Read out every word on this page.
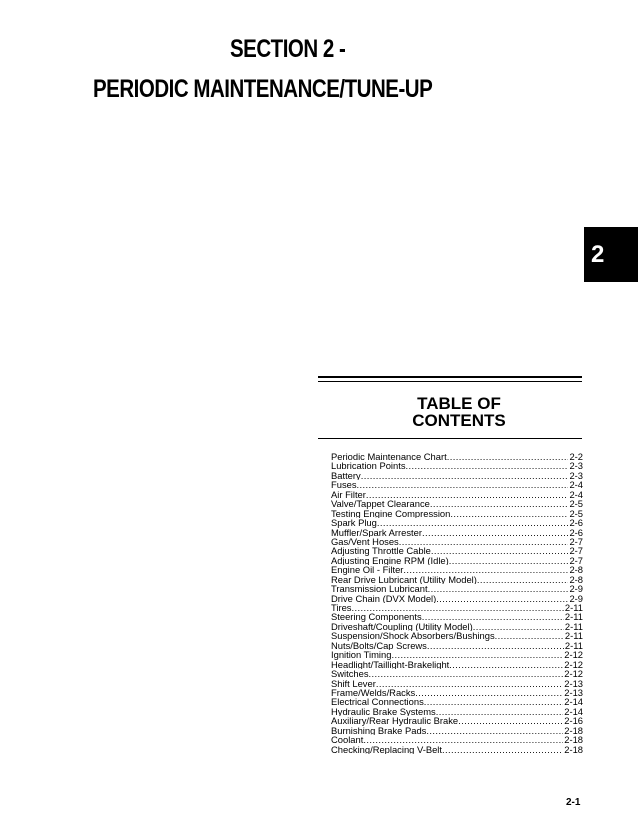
SECTION 2 -
PERIODIC MAINTENANCE/TUNE-UP
2
TABLE OF
CONTENTS
Periodic Maintenance Chart .....	2-2
Lubrication Points .....	2-3
Battery .....	2-3
Fuses .....	2-4
Air Filter .....	2-4
Valve/Tappet Clearance .....	2-5
Testing Engine Compression .....	2-5
Spark Plug .....	2-6
Muffler/Spark Arrester .....	2-6
Gas/Vent Hoses .....	2-7
Adjusting Throttle Cable .....	2-7
Adjusting Engine RPM (Idle) .....	2-7
Engine Oil - Filter .....	2-8
Rear Drive Lubricant (Utility Model) .....	2-8
Transmission Lubricant .....	2-9
Drive Chain (DVX Model) .....	2-9
Tires .....	2-11
Steering Components .....	2-11
Driveshaft/Coupling (Utility Model) .....	2-11
Suspension/Shock Absorbers/Bushings .....	2-11
Nuts/Bolts/Cap Screws .....	2-11
Ignition Timing .....	2-12
Headlight/Taillight-Brakelight .....	2-12
Switches .....	2-12
Shift Lever .....	2-13
Frame/Welds/Racks .....	2-13
Electrical Connections .....	2-14
Hydraulic Brake Systems .....	2-14
Auxiliary/Rear Hydraulic Brake .....	2-16
Burnishing Brake Pads .....	2-18
Coolant .....	2-18
Checking/Replacing V-Belt .....	2-18
2-1
